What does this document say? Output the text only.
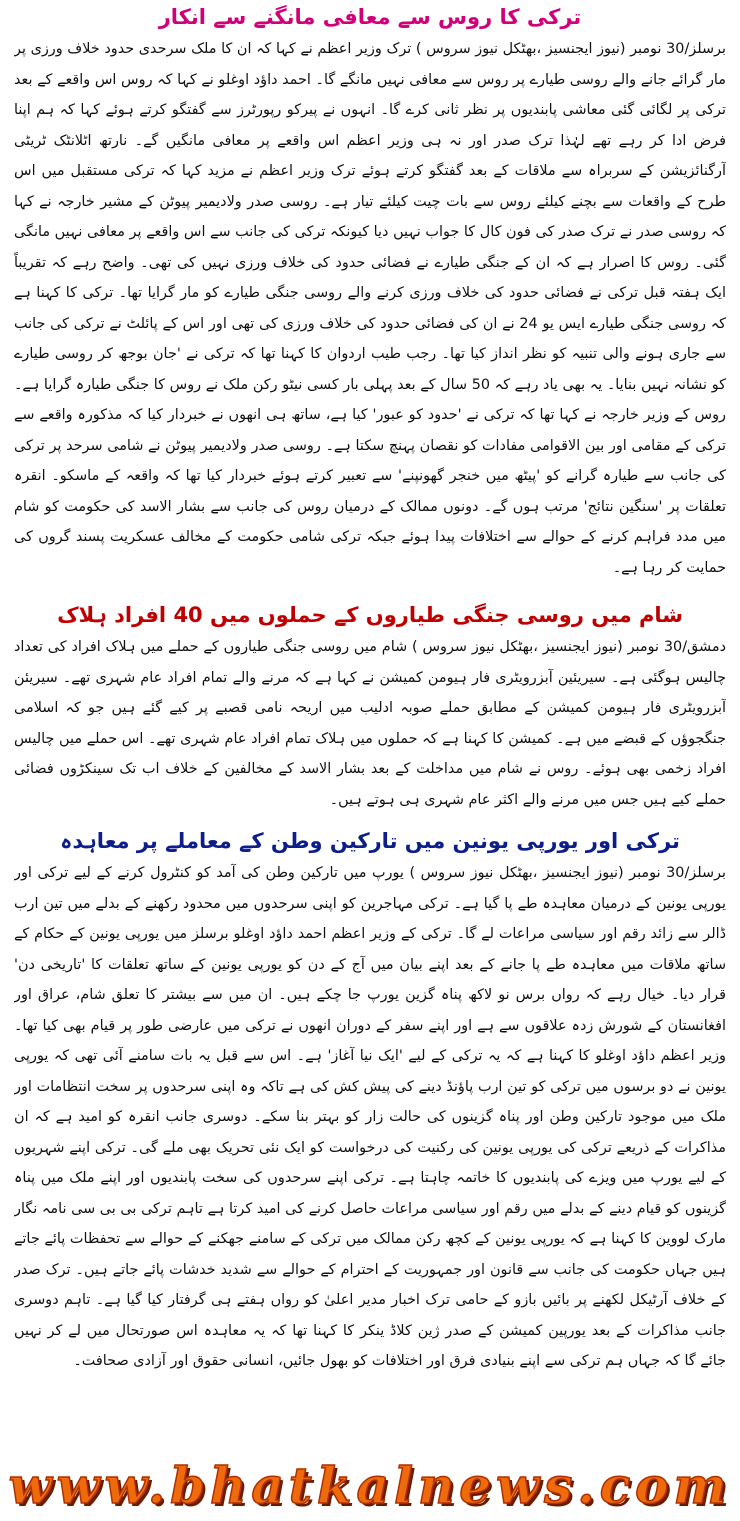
ترکی کا روس سے معافی مانگنے سے انکار

برسلز/30 نومبر (نیوز ایجنسیز ،بھٹکل نیوز سروس ) ترک وزیر اعظم نے کہا کہ ان کا ملک سرحدی حدود خلاف ورزی پر مار گرائے جانے والے روسی طیارے پر روس سے معافی نہیں مانگے گا۔ احمد داؤد اوغلو نے کہا کہ روس اس واقعے کے بعد ترکی پر لگائی گئی معاشی پابندیوں پر نظر ثانی کرے گا۔ انہوں نے پیرکو رپورٹرز سے گفتگو کرتے ہوئے کہا کہ ہم اپنا فرض ادا کر رہے تھے لہٰذا ترک صدر اور نہ ہی وزیر اعظم اس واقعے پر معافی مانگیں گے۔ نارتھ اٹلانٹک ٹریٹی آرگنائزیشن کے سربراہ سے ملاقات کے بعد گفتگو کرتے ہوئے ترک وزیر اعظم نے مزید کہا کہ ترکی مستقبل میں اس طرح کے واقعات سے بچنے کیلئے روس سے بات چیت کیلئے تیار ہے۔ روسی صدر ولادیمیر پیوٹن کے مشیر خارجہ نے کہا کہ روسی صدر نے ترک صدر کی فون کال کا جواب نہیں دیا کیونکہ ترکی کی جانب سے اس واقعے پر معافی نہیں مانگی گئی۔ روس کا اصرار ہے کہ ان کے جنگی طیارے نے فضائی حدود کی خلاف ورزی نہیں کی تھی۔ واضح رہے کہ تقریباً ایک ہفتہ قبل ترکی نے فضائی حدود کی خلاف ورزی کرنے والے روسی جنگی طیارے کو مار گرایا تھا۔ ترکی کا کہنا ہے کہ روسی جنگی طیارے ایس یو 24 نے ان کی فضائی حدود کی خلاف ورزی کی تھی اور اس کے پائلٹ نے ترکی کی جانب سے جاری ہونے والی تنبیہ کو نظر انداز کیا تھا۔ رجب طیب اردوان کا کہنا تھا کہ ترکی نے 'جان بوجھ کر روسی طیارے کو نشانہ نہیں بنایا۔ یہ بھی یاد رہے کہ 50 سال کے بعد پہلی بار کسی نیٹو رکن ملک نے روس کا جنگی طیارہ گرایا ہے۔ روس کے وزیر خارجہ نے کہا تھا کہ ترکی نے 'حدود کو عبور' کیا ہے، ساتھ ہی انھوں نے خبردار کیا کہ مذکورہ واقعے سے ترکی کے مقامی اور بین الاقوامی مفادات کو نقصان پہنچ سکتا ہے۔ روسی صدر ولادیمیر پیوٹن نے شامی سرحد پر ترکی کی جانب سے طیارہ گرانے کو 'پیٹھ میں خنجر گھونپنے' سے تعبیر کرتے ہوئے خبردار کیا تھا کہ واقعہ کے ماسکو۔ انقرہ تعلقات پر 'سنگین نتائج' مرتب ہوں گے۔ دونوں ممالک کے درمیان روس کی جانب سے بشار الاسد کی حکومت کو شام میں مدد فراہم کرنے کے حوالے سے اختلافات پیدا ہوئے جبکہ ترکی شامی حکومت کے مخالف عسکریت پسند گروں کی حمایت کر رہا ہے۔

شام میں روسی جنگی طیاروں کے حملوں میں 40 افراد ہلاک

دمشق/30 نومبر (نیوز ایجنسیز ،بھٹکل نیوز سروس ) شام میں روسی جنگی طیاروں کے حملے میں ہلاک افراد کی تعداد چالیس ہوگئی ہے۔ سیریئین آبزرویٹری فار ہیومن کمیشن نے کہا ہے کہ مرنے والے تمام افراد عام شہری تھے۔ سیریئن آبزرویٹری فار ہیومن کمیشن کے مطابق حملے صوبہ ادلیب میں اریحہ نامی قصبے پر کیے گئے ہیں جو کہ اسلامی جنگجوؤں کے قبضے میں ہے۔ کمیشن کا کہنا ہے کہ حملوں میں ہلاک تمام افراد عام شہری تھے۔ اس حملے میں چالیس افراد زخمی بھی ہوئے۔ روس نے شام میں مداخلت کے بعد بشار الاسد کے مخالفین کے خلاف اب تک سینکڑوں فضائی حملے کیے ہیں جس میں مرنے والے اکثر عام شہری ہی ہوتے ہیں۔

ترکی اور یورپی یونین میں تارکین وطن کے معاملے پر معاہدہ

برسلز/30 نومبر (نیوز ایجنسیز ،بھٹکل نیوز سروس ) یورپ میں تارکین وطن کی آمد کو کنٹرول کرنے کے لیے ترکی اور یورپی یونین کے درمیان معاہدہ طے پا گیا ہے۔ ترکی مہاجرین کو اپنی سرحدوں میں محدود رکھنے کے بدلے میں تین ارب ڈالر سے زائد رقم اور سیاسی مراعات لے گا۔ ترکی کے وزیر اعظم احمد داؤد اوغلو برسلز میں یورپی یونین کے حکام کے ساتھ ملاقات میں معاہدہ طے پا جانے کے بعد اپنے بیان میں آج کے دن کو یورپی یونین کے ساتھ تعلقات کا 'تاریخی دن' قرار دیا۔ خیال رہے کہ رواں برس نو لاکھ پناہ گزین یورپ جا چکے ہیں۔ ان میں سے بیشتر کا تعلق شام، عراق اور افغانستان کے شورش زدہ علاقوں سے ہے اور اپنے سفر کے دوران انھوں نے ترکی میں عارضی طور پر قیام بھی کیا تھا۔ وزیر اعظم داؤد اوغلو کا کہنا ہے کہ یہ ترکی کے لیے 'ایک نیا آغاز' ہے۔ اس سے قبل یہ بات سامنے آئی تھی کہ یورپی یونین نے دو برسوں میں ترکی کو تین ارب پاؤنڈ دینے کی پیش کش کی ہے تاکہ وہ اپنی سرحدوں پر سخت انتظامات اور ملک میں موجود تارکین وطن اور پناہ گزینوں کی حالت زار کو بہتر بنا سکے۔ دوسری جانب انقرہ کو امید ہے کہ ان مذاکرات کے ذریعے ترکی کی یورپی یونین کی رکنیت کی درخواست کو ایک نئی تحریک بھی ملے گی۔ ترکی اپنے شہریوں کے لیے یورپ میں ویزے کی پابندیوں کا خاتمہ چاہتا ہے۔ ترکی اپنے سرحدوں کی سخت پابندیوں اور اپنے ملک میں پناہ گزینوں کو قیام دینے کے بدلے میں رقم اور سیاسی مراعات حاصل کرنے کی امید کرتا ہے تاہم ترکی بی بی سی نامہ نگار مارک لووین کا کہنا ہے کہ یورپی یونین کے کچھ رکن ممالک میں ترکی کے سامنے جھکنے کے حوالے سے تحفظات پائے جاتے ہیں جہاں حکومت کی جانب سے قانون اور جمہوریت کے احترام کے حوالے سے شدید خدشات پائے جاتے ہیں۔ ترک صدر کے خلاف آرٹیکل لکھنے پر بائیں بازو کے حامی ترک اخبار مدیر اعلیٰ کو رواں ہفتے ہی گرفتار کیا گیا ہے۔ تاہم دوسری جانب مذاکرات کے بعد یورپین کمیشن کے صدر ژین کلاڈ ینکر کا کہنا تھا کہ یہ معاہدہ اس صورتحال میں لے کر نہیں جائے گا کہ جہاں ہم ترکی سے اپنے بنیادی فرق اور اختلافات کو بھول جائیں، انسانی حقوق اور آزادی صحافت۔

www.bhatkalnews.com
